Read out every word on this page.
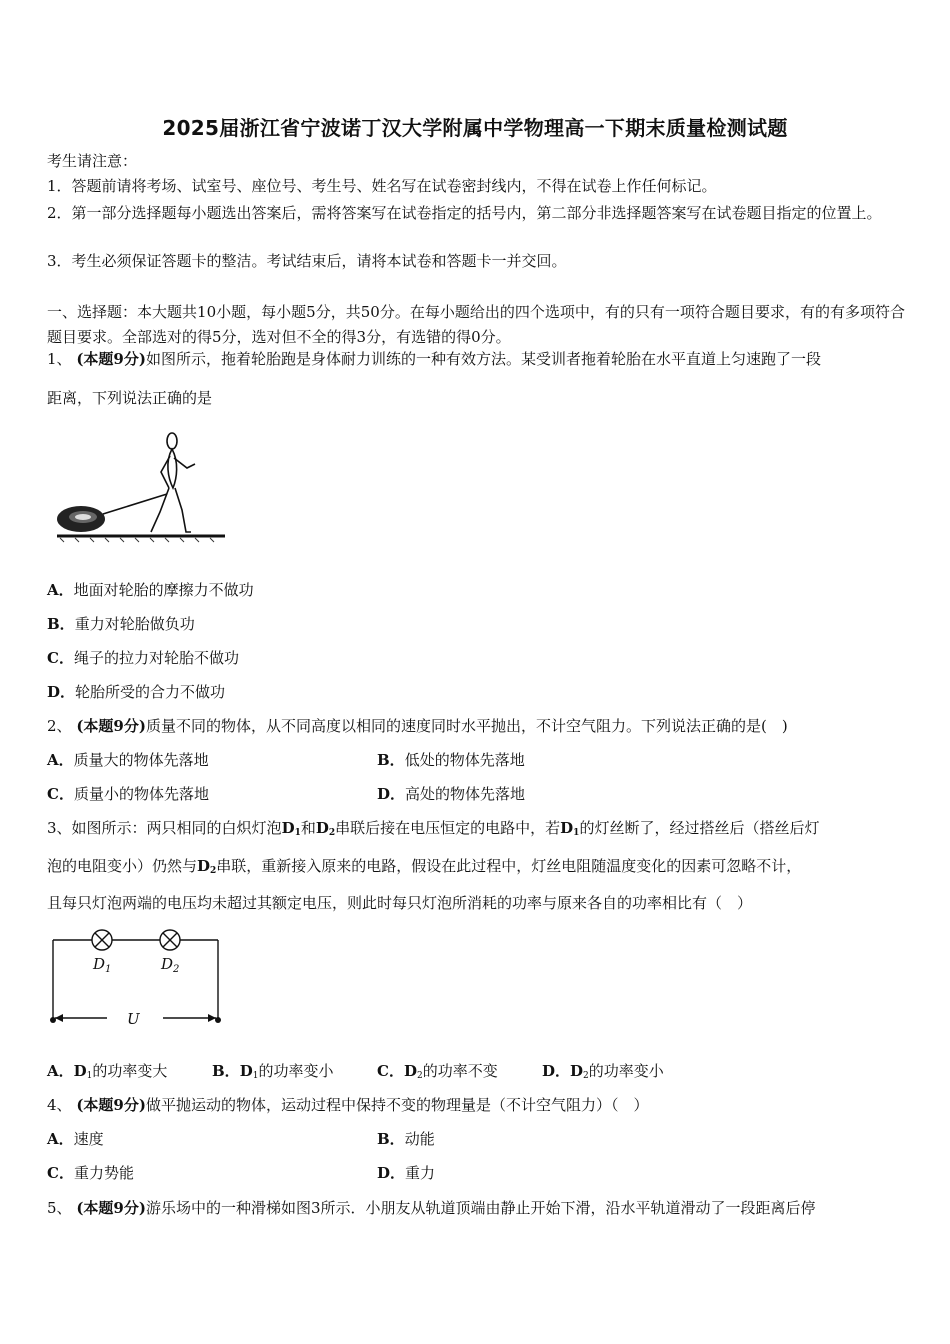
2025届浙江省宁波诺丁汉大学附属中学物理高一下期末质量检测试题
考生请注意：
1．答题前请将考场、试室号、座位号、考生号、姓名写在试卷密封线内，不得在试卷上作任何标记。
2．第一部分选择题每小题选出答案后，需将答案写在试卷指定的括号内，第二部分非选择题答案写在试卷题目指定的位置上。
3．考生必须保证答题卡的整洁。考试结束后，请将本试卷和答题卡一并交回。
一、选择题：本大题共10小题，每小题5分，共50分。在每小题给出的四个选项中，有的只有一项符合题目要求，有的有多项符合题目要求。全部选对的得5分，选对但不全的得3分，有选错的得0分。
1、 (本题9分)如图所示，拖着轮胎跑是身体耐力训练的一种有效方法。某受训者拖着轮胎在水平直道上匀速跑了一段
距离，下列说法正确的是
A．地面对轮胎的摩擦力不做功
B．重力对轮胎做负功
C．绳子的拉力对轮胎不做功
D．轮胎所受的合力不做功
2、 (本题9分)质量不同的物体，从不同高度以相同的速度同时水平抛出，不计空气阻力。下列说法正确的是(　)
A．质量大的物体先落地	B．低处的物体先落地
C．质量小的物体先落地	D．高处的物体先落地
3、如图所示：两只相同的白炽灯泡$D_1$和$D_2$串联后接在电压恒定的电路中，若$D_1$的灯丝断了，经过搭丝后（搭丝后灯
泡的电阻变小）仍然与$D_2$串联，重新接入原来的电路，假设在此过程中，灯丝电阻随温度变化的因素可忽略不计，
且每只灯泡两端的电压均未超过其额定电压，则此时每只灯泡所消耗的功率与原来各自的功率相比有（　）
$D_1$	$D_2$
U
A．$D_1$的功率变大	B．$D_1$的功率变小	C．$D_2$的功率不变	D．$D_2$的功率变小
4、 (本题9分)做平抛运动的物体，运动过程中保持不变的物理量是（不计空气阻力）（　）
A．速度	B．动能
C．重力势能	D．重力
5、 (本题9分)游乐场中的一种滑梯如图3所示．小朋友从轨道顶端由静止开始下滑，沿水平轨道滑动了一段距离后停
